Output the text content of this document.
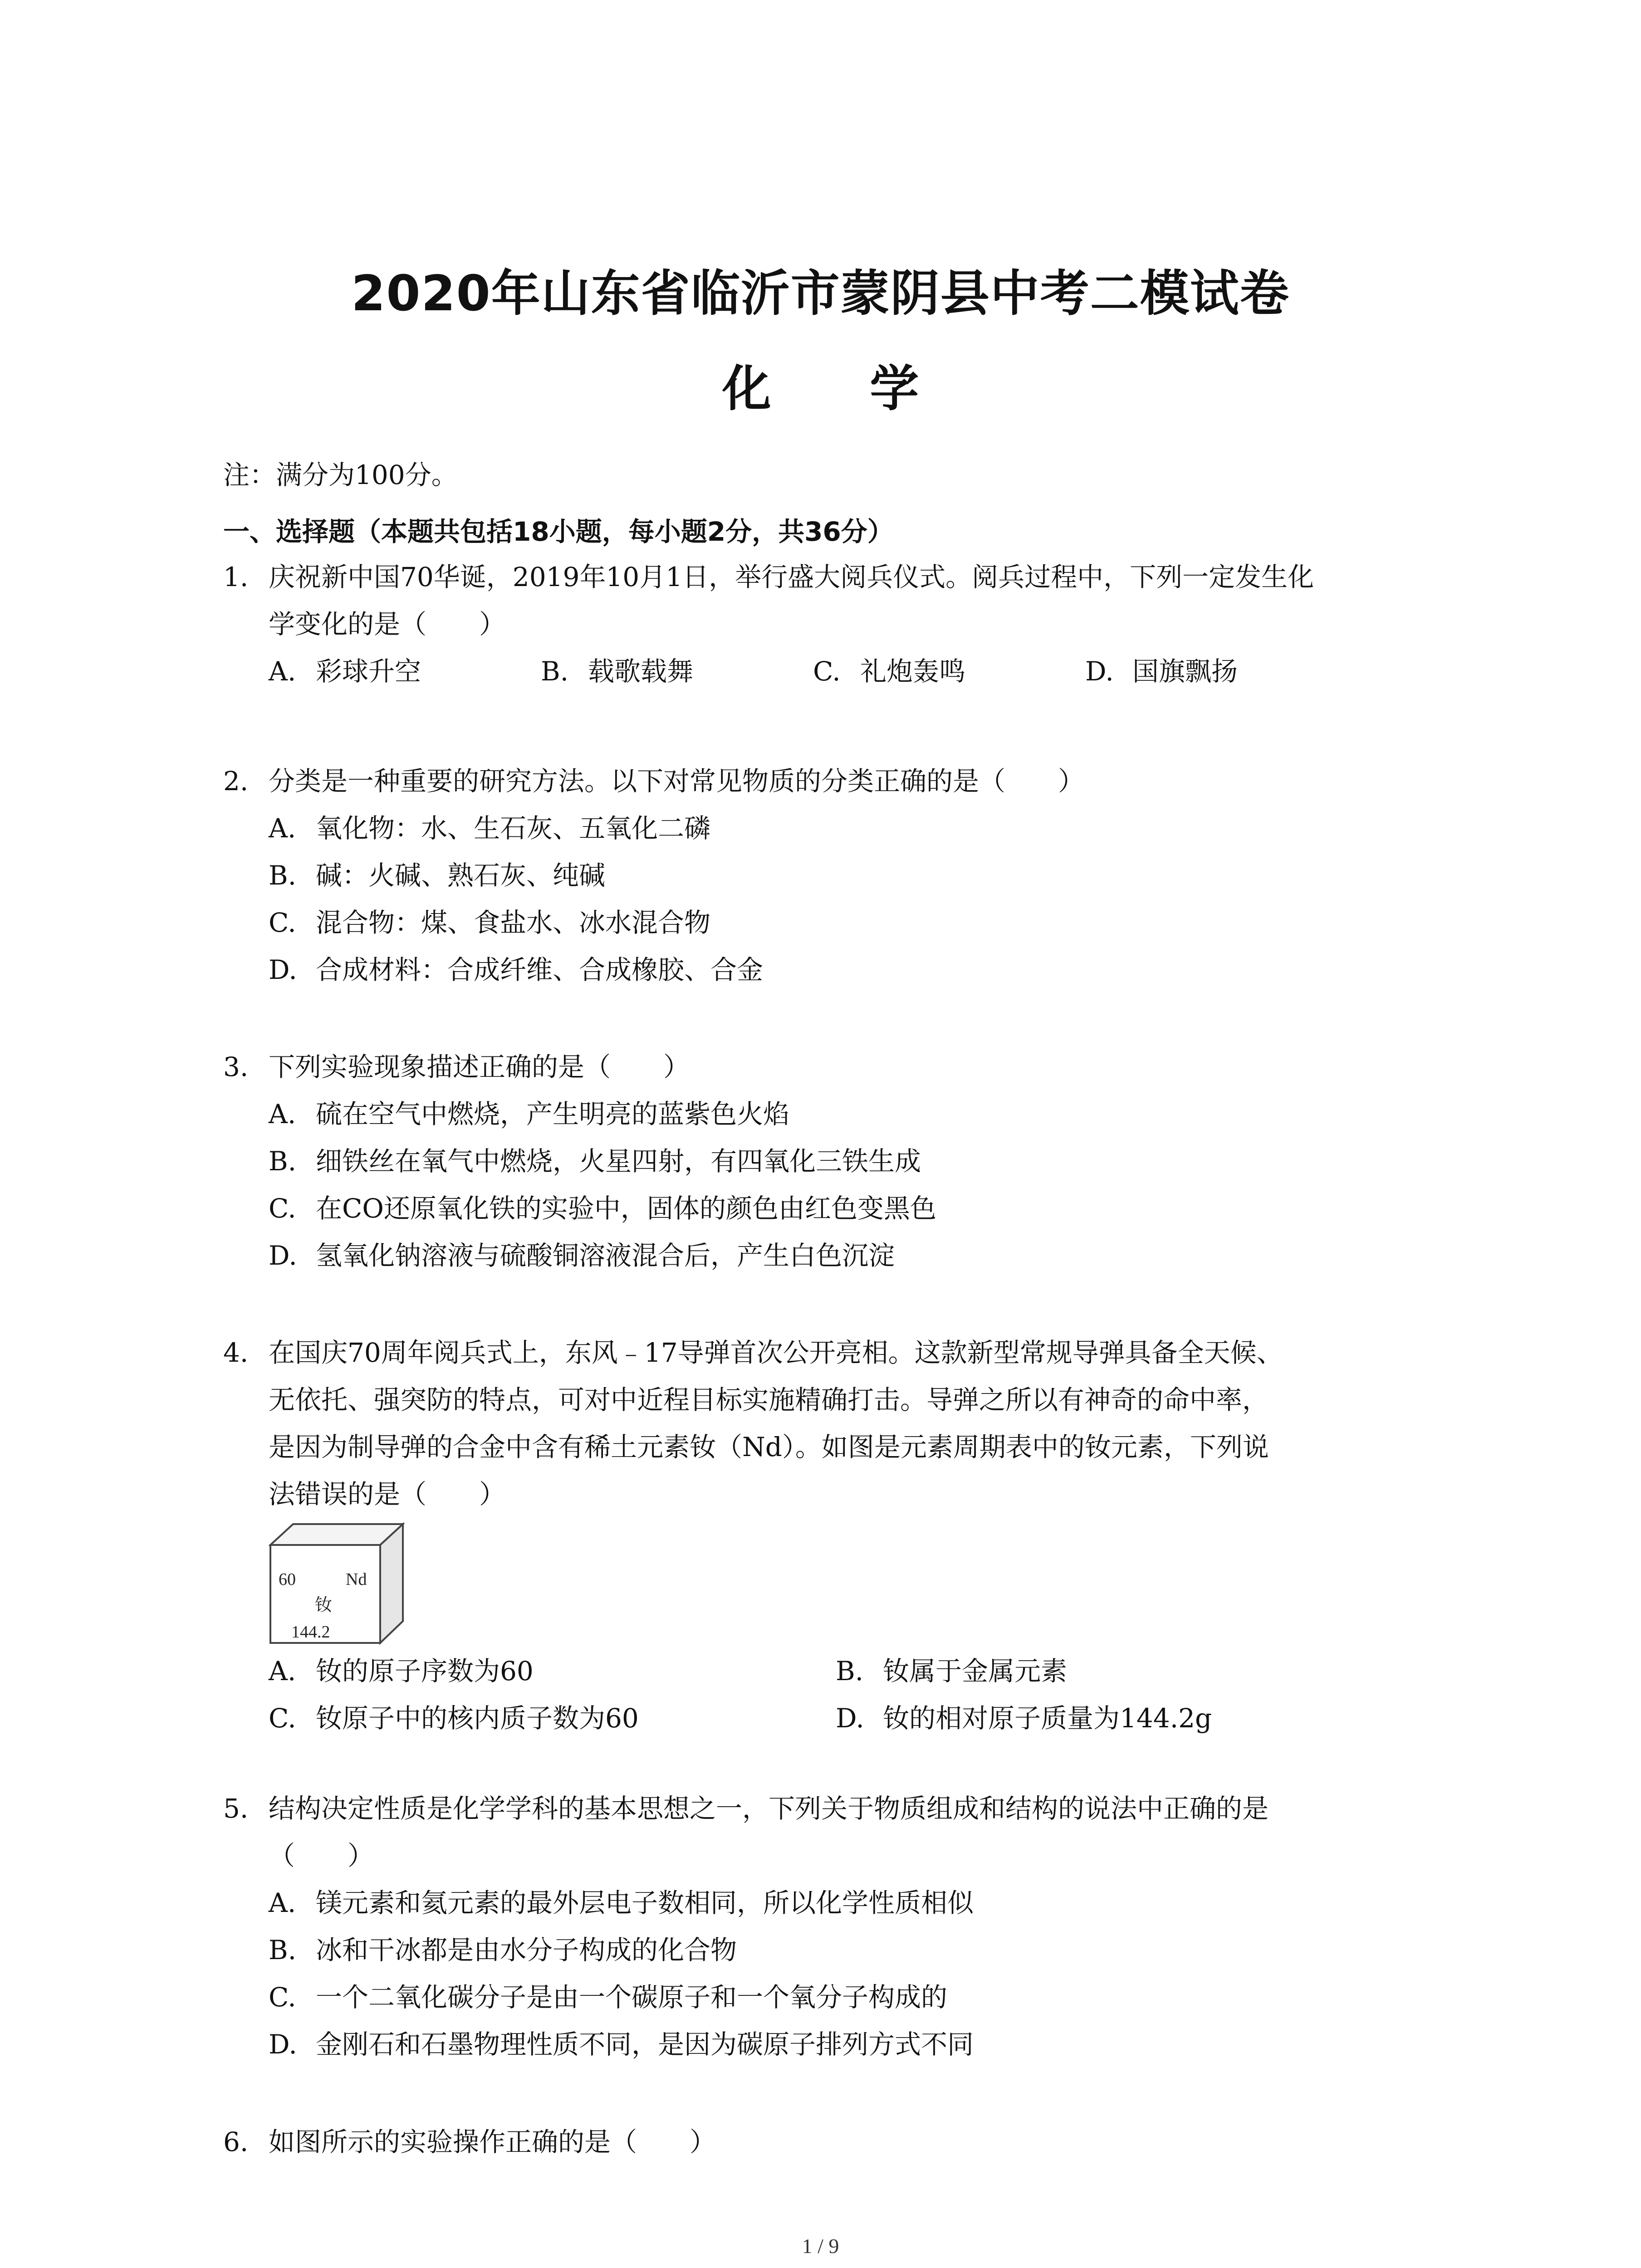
2020年山东省临沂市蒙阴县中考二模试卷
化 学
注：满分为100分。
一、选择题（本题共包括18小题，每小题2分，共36分）
1. 庆祝新中国70华诞，2019年10月1日，举行盛大阅兵仪式。阅兵过程中，下列一定发生化
学变化的是（　　）
A. 彩球升空	B. 载歌载舞	C. 礼炮轰鸣	D. 国旗飘扬
2. 分类是一种重要的研究方法。以下对常见物质的分类正确的是（　　）
A. 氧化物：水、生石灰、五氧化二磷
B. 碱：火碱、熟石灰、纯碱
C. 混合物：煤、食盐水、冰水混合物
D. 合成材料：合成纤维、合成橡胶、合金
3. 下列实验现象描述正确的是（　　）
A. 硫在空气中燃烧，产生明亮的蓝紫色火焰
B. 细铁丝在氧气中燃烧，火星四射，有四氧化三铁生成
C. 在CO还原氧化铁的实验中，固体的颜色由红色变黑色
D. 氢氧化钠溶液与硫酸铜溶液混合后，产生白色沉淀
4. 在国庆70周年阅兵式上，东风﹣17导弹首次公开亮相。这款新型常规导弹具备全天候、
无依托、强突防的特点，可对中近程目标实施精确打击。导弹之所以有神奇的命中率，
是因为制导弹的合金中含有稀土元素钕（Nd）。如图是元素周期表中的钕元素，下列说
法错误的是（　　）
60	Nd
钕
144.2
A. 钕的原子序数为60	B. 钕属于金属元素
C. 钕原子中的核内质子数为60	D. 钕的相对原子质量为144.2g
5. 结构决定性质是化学学科的基本思想之一，下列关于物质组成和结构的说法中正确的是
（　　）
A. 镁元素和氦元素的最外层电子数相同，所以化学性质相似
B. 冰和干冰都是由水分子构成的化合物
C. 一个二氧化碳分子是由一个碳原子和一个氧分子构成的
D. 金刚石和石墨物理性质不同，是因为碳原子排列方式不同
6. 如图所示的实验操作正确的是（　　）
1 / 9
